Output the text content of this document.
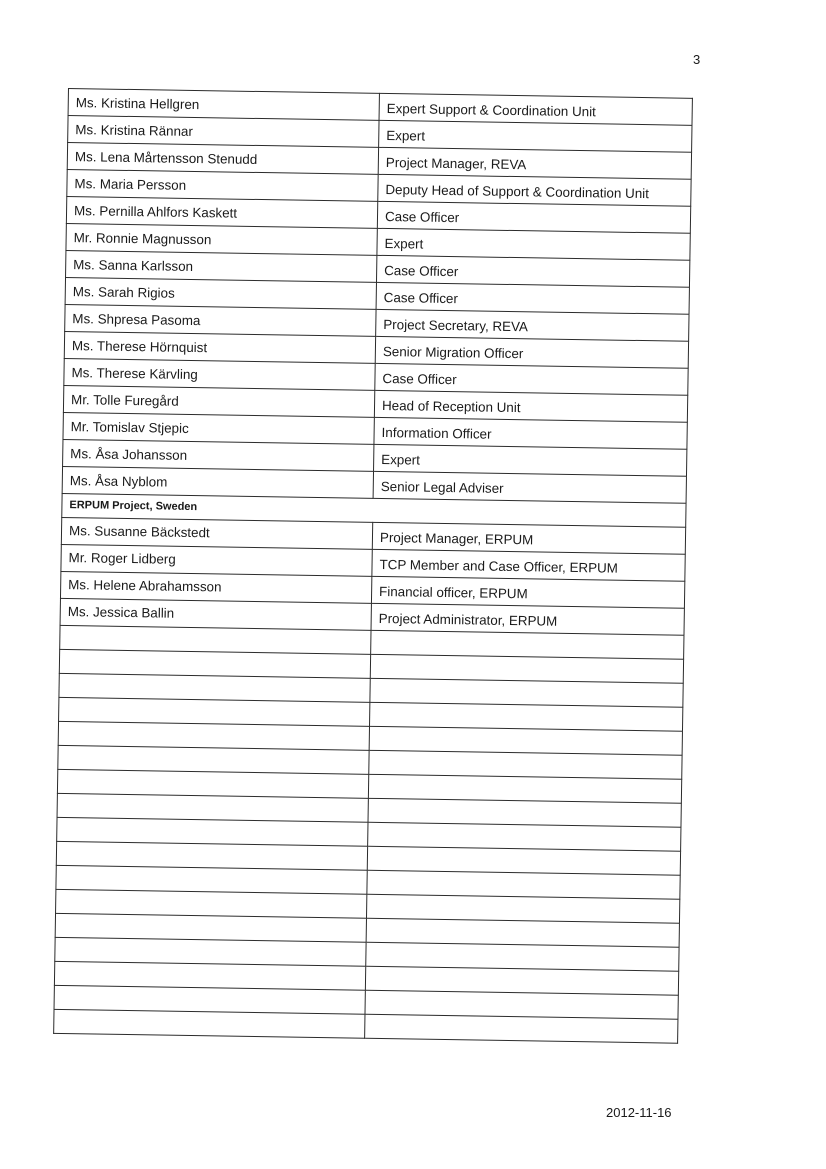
3
Ms. Kristina Hellgren	Expert Support & Coordination Unit
Ms. Kristina Rännar	Expert
Ms. Lena Mårtensson Stenudd	Project Manager, REVA
Ms. Maria Persson	Deputy Head of Support & Coordination Unit
Ms. Pernilla Ahlfors Kaskett	Case Officer
Mr. Ronnie Magnusson	Expert
Ms. Sanna Karlsson	Case Officer
Ms. Sarah Rigios	Case Officer
Ms. Shpresa Pasoma	Project Secretary, REVA
Ms. Therese Hörnquist	Senior Migration Officer
Ms. Therese Kärvling	Case Officer
Mr. Tolle Furegård	Head of Reception Unit
Mr. Tomislav Stjepic	Information Officer
Ms. Åsa Johansson	Expert
Ms. Åsa Nyblom	Senior Legal Adviser
ERPUM Project, Sweden	
Ms. Susanne Bäckstedt	Project Manager, ERPUM
Mr. Roger Lidberg	TCP Member and Case Officer, ERPUM
Ms. Helene Abrahamsson	Financial officer, ERPUM
Ms. Jessica Ballin	Project Administrator, ERPUM

2012-11-16
